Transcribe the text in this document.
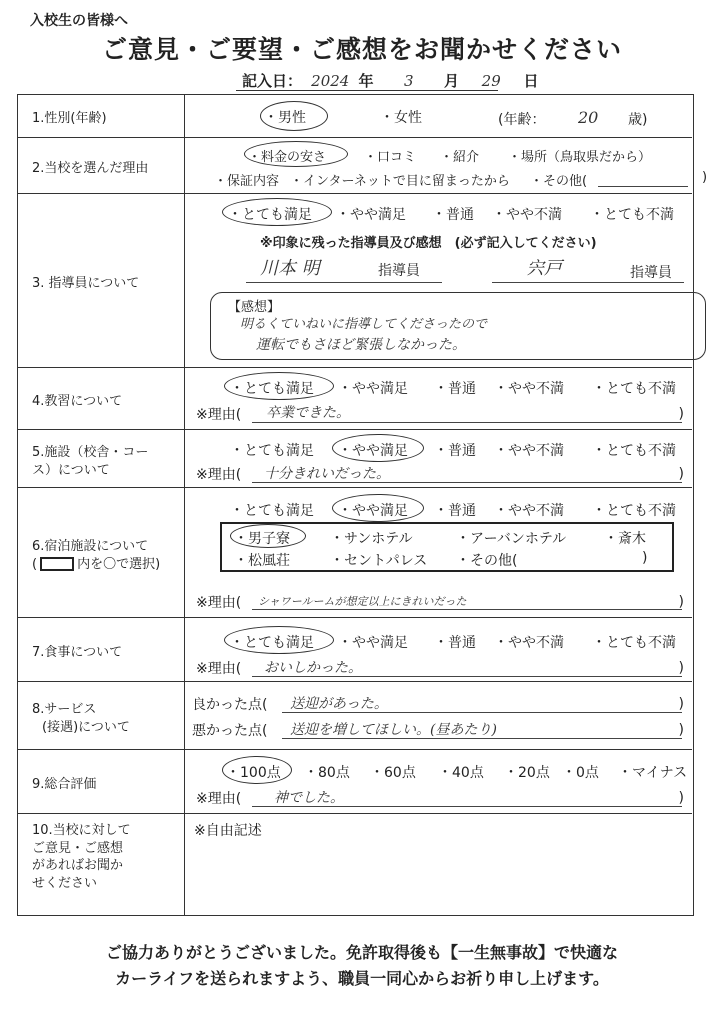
入校生の皆様へ
ご意見・ご要望・ご感想をお聞かせください
記入日： 2024 年 3 月 29 日
1.性別(年齢)	・男性	・女性	(年齢： 20 歳)
2.当校を選んだ理由
・料金の安さ	・口コミ ・紹介 ・場所（鳥取県だから）
・保証内容 ・インターネットで目に留まったから ・その他(	)
3. 指導員について
・とても満足 ・やや満足 ・普通 ・やや不満 ・とても不満
※印象に残った指導員及び感想　(必ず記入してください)
川本 明	指導員	宍戸	指導員
【感想】
明るくていねいに指導してくださったので
運転でもさほど緊張しなかった。
4.教習について
・とても満足 ・やや満足 ・普通 ・やや不満 ・とても不満
※理由( 卒業できた。	)
5.施設（校舎・コース）について
・とても満足 ・やや満足 ・普通 ・やや不満 ・とても不満
※理由( 十分きれいだった。	)
6.宿泊施設について
(	内を〇で選択)
・とても満足 ・やや満足 ・普通 ・やや不満 ・とても不満
・男子寮	・サンホテル	・アーバンホテル	・斎木
・松風荘	・セントパレス ・その他(	)
※理由( シャワールームが想定以上にきれいだった	)
7.食事について
・とても満足 ・やや満足 ・普通 ・やや不満 ・とても不満
※理由( おいしかった。	)
8.サービス
(接遇)について
良かった点( 送迎があった。	)
悪かった点( 送迎を増してほしい。(昼あたり)	)
9.総合評価
・100点 ・80点 ・60点 ・40点 ・20点 ・0点 ・マイナス
※理由( 神でした。	)
10.当校に対して
ご意見・ご感想
があればお聞か
せください
※自由記述
ご協力ありがとうございました。免許取得後も【一生無事故】で快適な
カーライフを送られますよう、職員一同心からお祈り申し上げます。
